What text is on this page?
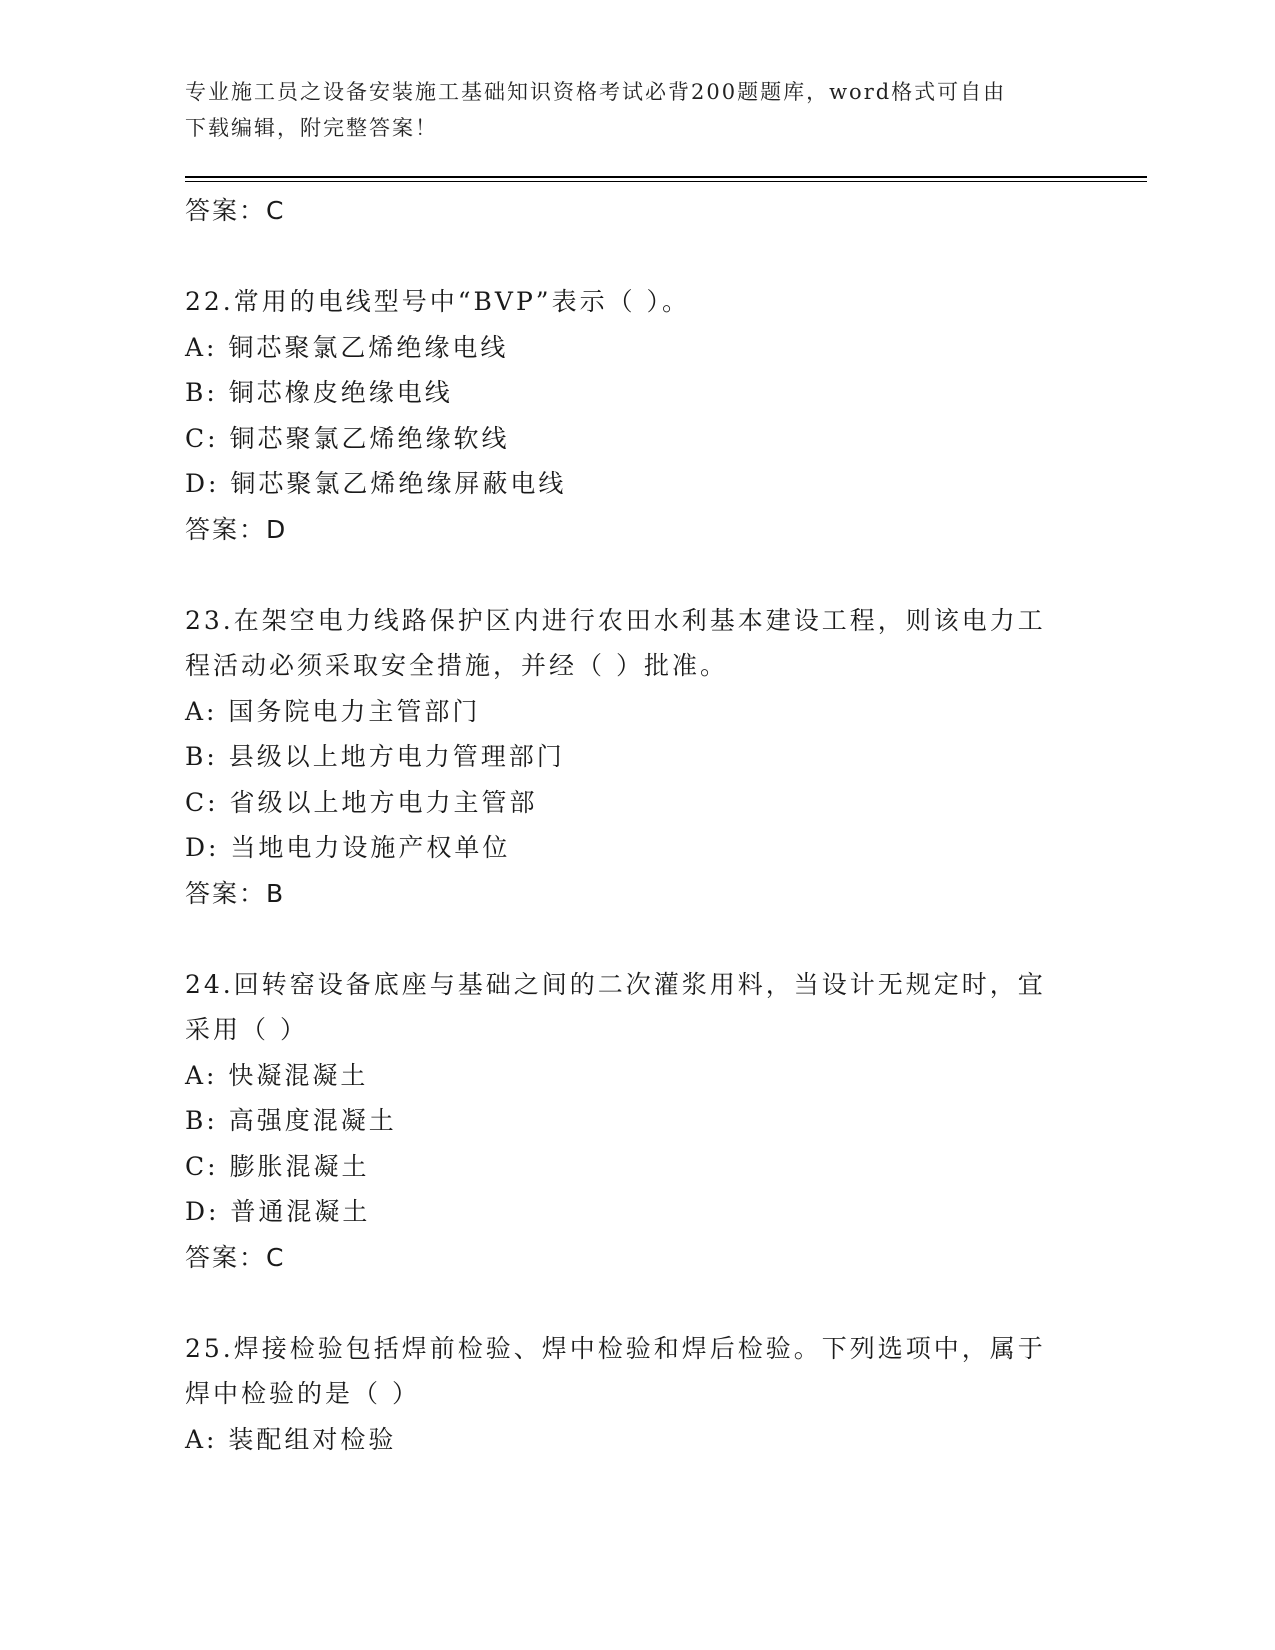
专业施工员之设备安装施工基础知识资格考试必背200题题库，word格式可自由
下载编辑，附完整答案！
答案：C
22.常用的电线型号中“BVP”表示（ ）。
A: 铜芯聚氯乙烯绝缘电线
B: 铜芯橡皮绝缘电线
C: 铜芯聚氯乙烯绝缘软线
D: 铜芯聚氯乙烯绝缘屏蔽电线
答案：D
23.在架空电力线路保护区内进行农田水利基本建设工程，则该电力工
程活动必须采取安全措施，并经（ ）批准。
A: 国务院电力主管部门
B: 县级以上地方电力管理部门
C: 省级以上地方电力主管部
D: 当地电力设施产权单位
答案：B
24.回转窑设备底座与基础之间的二次灌浆用料，当设计无规定时，宜
采用（ ）
A: 快凝混凝土
B: 高强度混凝土
C: 膨胀混凝土
D: 普通混凝土
答案：C
25.焊接检验包括焊前检验、焊中检验和焊后检验。下列选项中，属于
焊中检验的是（ ）
A: 装配组对检验
